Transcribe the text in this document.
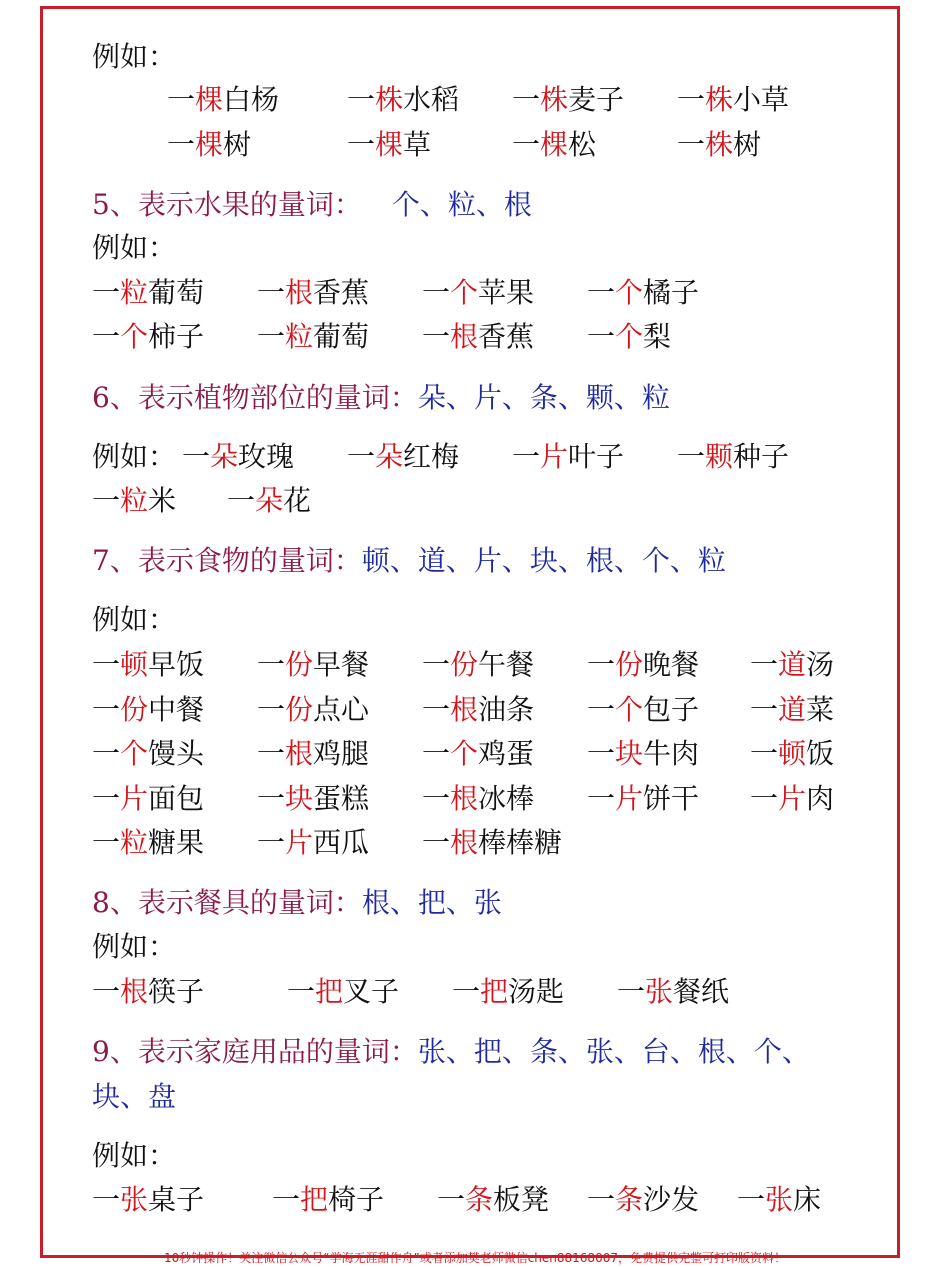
例如：
一棵白杨 一株水稻 一株麦子 一株小草
一棵树	一棵草	一棵松	一株树
5、表示水果的量词： 个、粒、根
例如：
一粒葡萄 一根香蕉 一个苹果 一个橘子
一个柿子 一粒葡萄 一根香蕉 一个梨
6、表示植物部位的量词：朵、片、条、颗、粒
例如： 一朵玫瑰 一朵红梅 一片叶子 一颗种子
一粒米 一朵花
7、表示食物的量词：顿、道、片、块、根、个、粒
例如：
一顿早饭 一份早餐 一份午餐 一份晚餐 一道汤
一份中餐 一份点心 一根油条 一个包子 一道菜
一个馒头 一根鸡腿 一个鸡蛋 一块牛肉 一顿饭
一片面包 一块蛋糕 一根冰棒 一片饼干 一片肉
一粒糖果 一片西瓜 一根棒棒糖
8、表示餐具的量词：根、把、张
例如：
一根筷子	一把叉子 一把汤匙 一张餐纸
9、表示家庭用品的量词：张、把、条、张、台、根、个、
块、盘
例如：
一张桌子 一把椅子 一条板凳 一条沙发 一张床
10秒钟操作！关注微信公众号“学海无涯甜作舟”或者添加樊老师微信chen88168007，免费提供完整可打印版资料！
